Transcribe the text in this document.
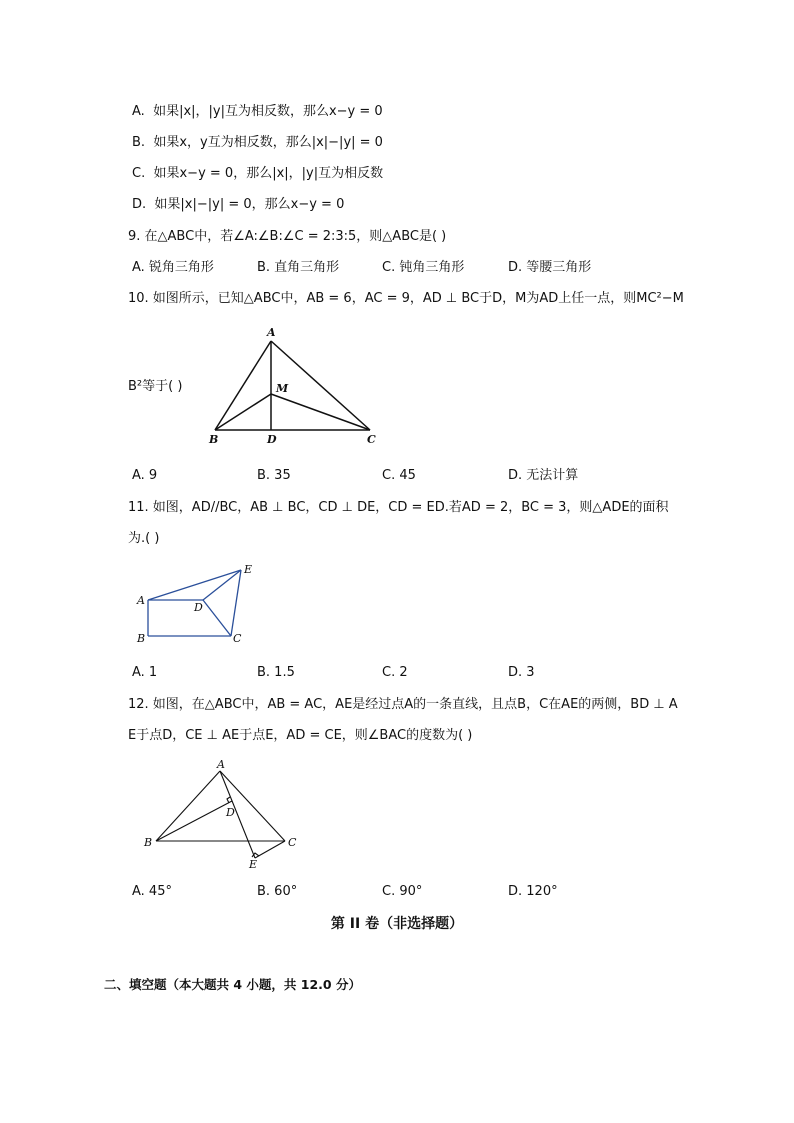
A. 如果|x|，|y|互为相反数，那么x−y = 0
B. 如果x，y互为相反数，那么|x|−|y| = 0
C. 如果x−y = 0，那么|x|，|y|互为相反数
D. 如果|x|−|y| = 0，那么x−y = 0
9. 在△ABC中，若∠A:∠B:∠C = 2:3:5，则△ABC是( )
A. 锐角三角形	B. 直角三角形	C. 钝角三角形	D. 等腰三角形
10. 如图所示，已知△ABC中，AB = 6，AC = 9，AD ⊥ BC于D，M为AD上任一点，则MC²−M
B²等于( )
A
B	D	C
M
A. 9	B. 35	C. 45	D. 无法计算
11. 如图，AD//BC，AB ⊥ BC，CD ⊥ DE，CD = ED.若AD = 2，BC = 3，则△ADE的面积
为.( )
A
B	C
D
E
A. 1	B. 1.5	C. 2	D. 3
12. 如图，在△ABC中，AB = AC，AE是经过点A的一条直线，且点B，C在AE的两侧，BD ⊥ A
E于点D，CE ⊥ AE于点E，AD = CE，则∠BAC的度数为( )
A
B	C
D
E
A. 45°	B. 60°	C. 90°	D. 120°
第 II 卷（非选择题）
二、填空题（本大题共 4 小题，共 12.0 分）
